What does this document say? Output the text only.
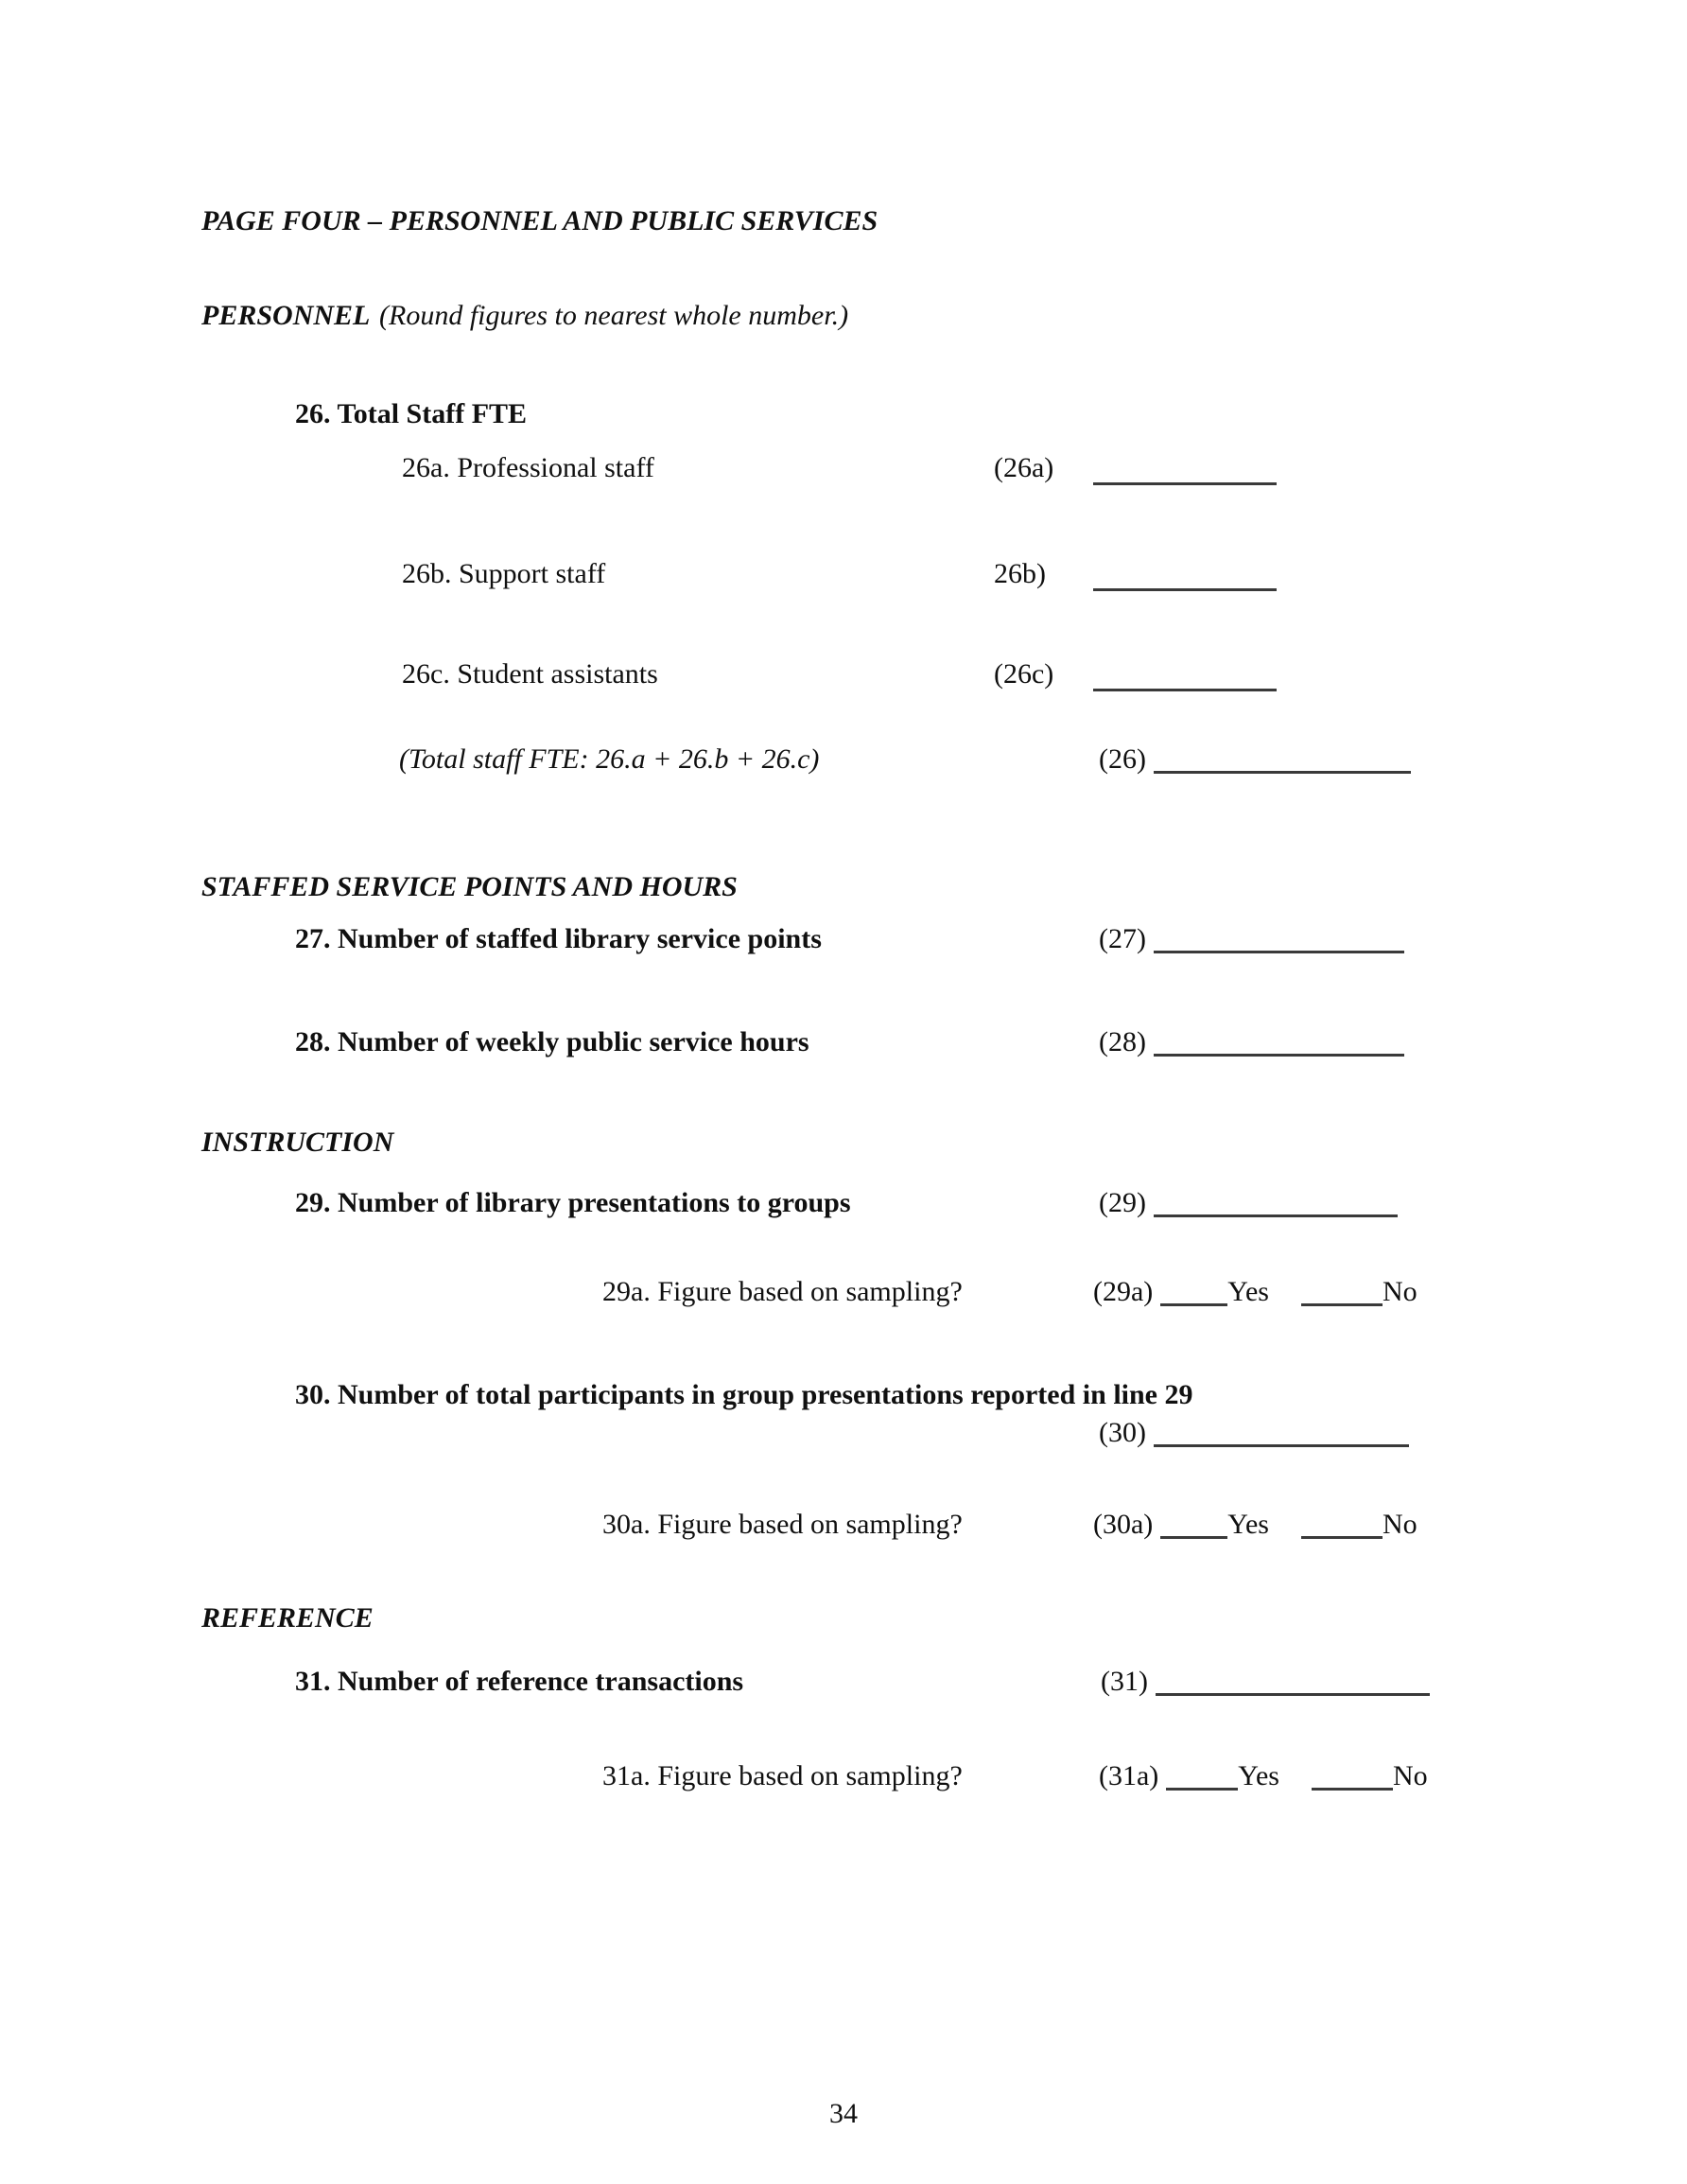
PAGE FOUR – PERSONNEL AND PUBLIC SERVICES
PERSONNEL (Round figures to nearest whole number.)
26. Total Staff FTE
26a. Professional staff	(26a)
26b. Support staff	26b)
26c. Student assistants	(26c)
(Total staff FTE: 26.a + 26.b + 26.c)	(26)
STAFFED SERVICE POINTS AND HOURS
27. Number of staffed library service points	(27)
28. Number of weekly public service hours	(28)
INSTRUCTION
29. Number of library presentations to groups	(29)
29a. Figure based on sampling?	(29a)	Yes	No
30. Number of total participants in group presentations reported in line 29
(30)
30a. Figure based on sampling?	(30a)	Yes	No
REFERENCE
31. Number of reference transactions	(31)
31a. Figure based on sampling?	(31a)	Yes	No
34
